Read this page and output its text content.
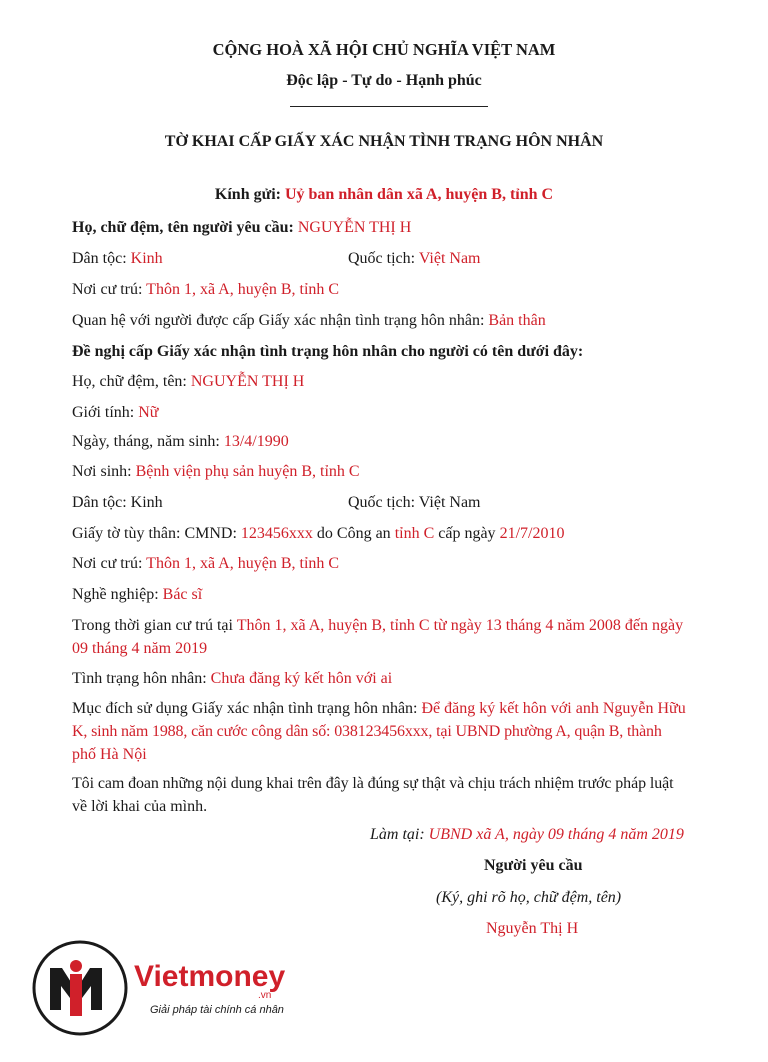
CỘNG HOÀ XÃ HỘI CHỦ NGHĨA VIỆT NAM
Độc lập - Tự do - Hạnh phúc
TỜ KHAI CẤP GIẤY XÁC NHẬN TÌNH TRẠNG HÔN NHÂN
Kính gửi: Uỷ ban nhân dân xã A, huyện B, tỉnh C
Họ, chữ đệm, tên người yêu cầu: NGUYỄN THỊ H
Dân tộc: Kinh	Quốc tịch: Việt Nam
Nơi cư trú: Thôn 1, xã A, huyện B, tỉnh C
Quan hệ với người được cấp Giấy xác nhận tình trạng hôn nhân: Bản thân
Đề nghị cấp Giấy xác nhận tình trạng hôn nhân cho người có tên dưới đây:
Họ, chữ đệm, tên: NGUYỄN THỊ H
Giới tính: Nữ
Ngày, tháng, năm sinh: 13/4/1990
Nơi sinh: Bệnh viện phụ sản huyện B, tỉnh C
Dân tộc: Kinh	Quốc tịch: Việt Nam
Giấy tờ tùy thân: CMND: 123456xxx do Công an tỉnh C cấp ngày 21/7/2010
Nơi cư trú: Thôn 1, xã A, huyện B, tỉnh C
Nghề nghiệp: Bác sĩ
Trong thời gian cư trú tại Thôn 1, xã A, huyện B, tỉnh C từ ngày 13 tháng 4 năm 2008 đến ngày
09 tháng 4 năm 2019
Tình trạng hôn nhân: Chưa đăng ký kết hôn với ai
Mục đích sử dụng Giấy xác nhận tình trạng hôn nhân: Để đăng ký kết hôn với anh Nguyễn Hữu
K, sinh năm 1988, căn cước công dân số: 038123456xxx, tại UBND phường A, quận B, thành
phố Hà Nội
Tôi cam đoan những nội dung khai trên đây là đúng sự thật và chịu trách nhiệm trước pháp luật
về lời khai của mình.
Làm tại: UBND xã A, ngày 09 tháng 4 năm 2019
Người yêu cầu
(Ký, ghi rõ họ, chữ đệm, tên)
Nguyễn Thị H
Vietmoney
.vn
Giải pháp tài chính cá nhân
